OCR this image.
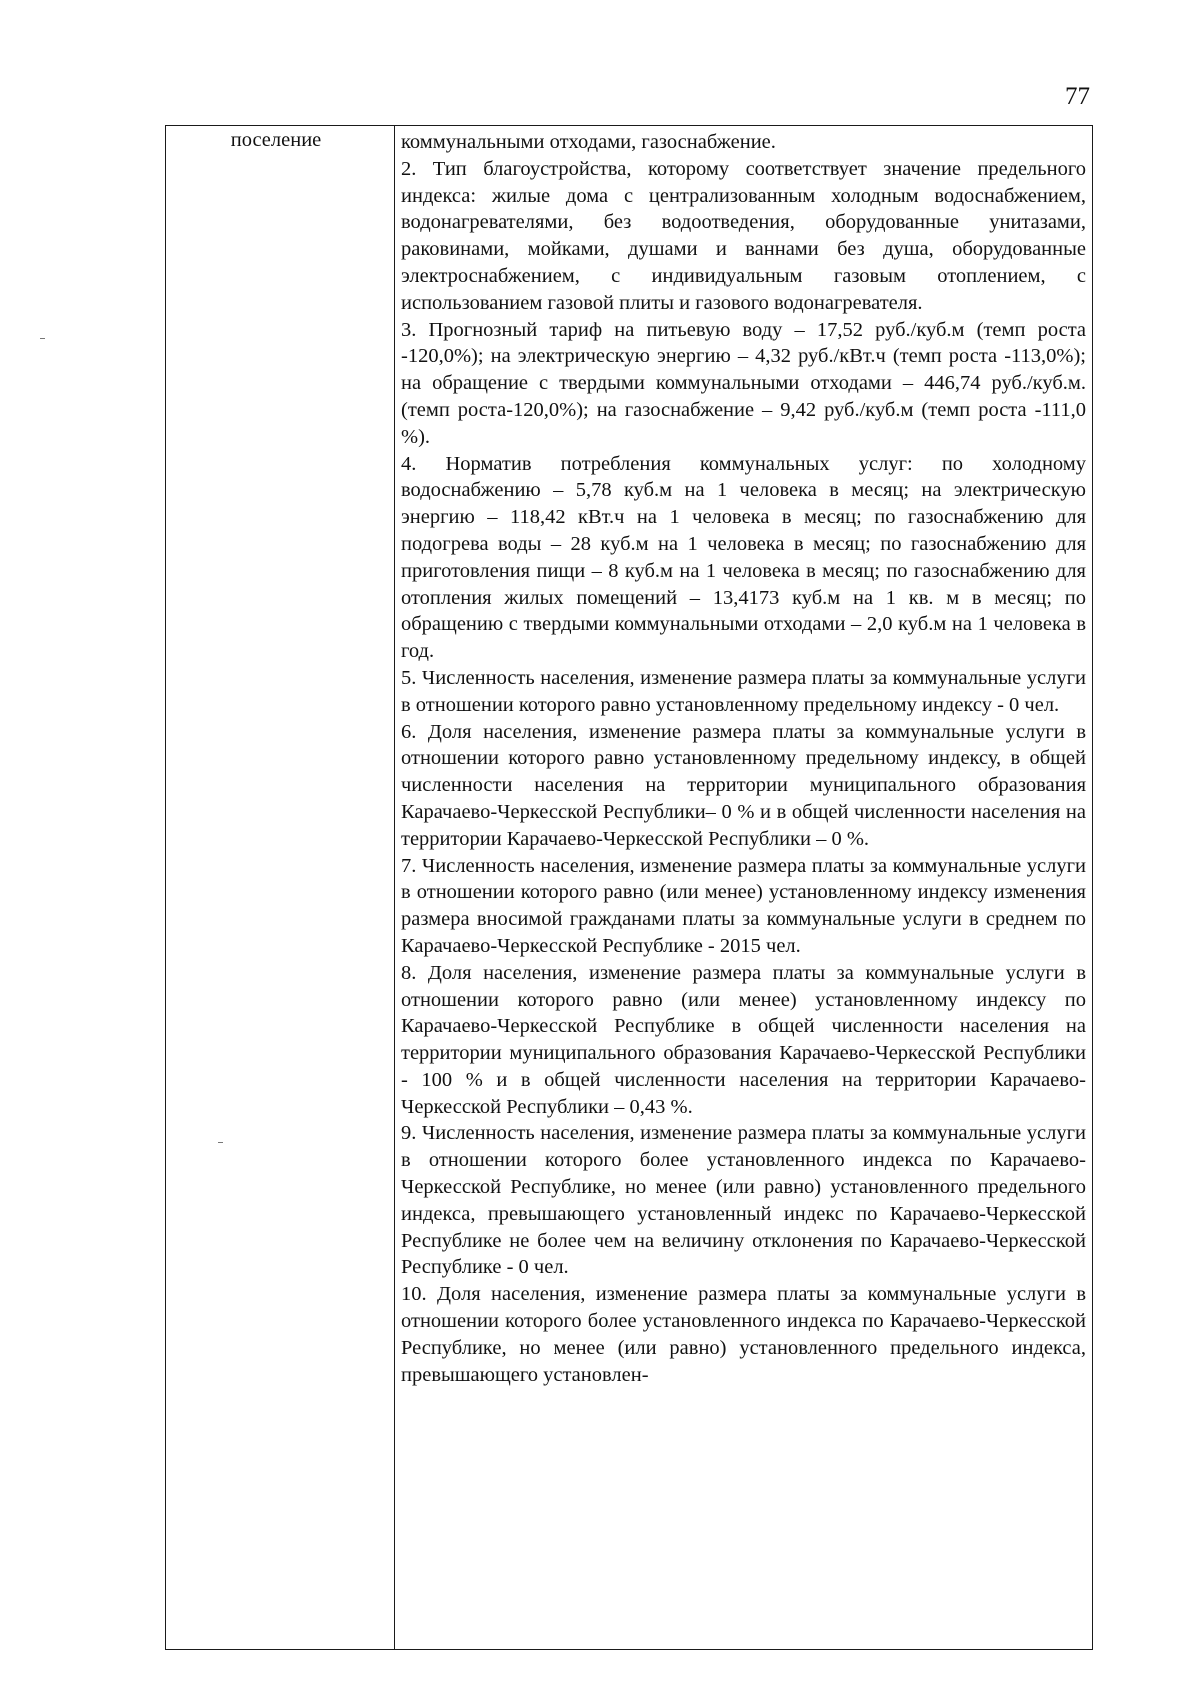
77
поселение	коммунальными отходами, газоснабжение.

2. Тип благоустройства, которому соответствует значение предельного индекса: жилые дома с централизованным холодным водоснабжением, водонагревателями, без водоотведения, оборудованные унитазами, раковинами, мойками, душами и ваннами без душа, оборудованные электроснабжением, с индивидуальным газовым отоплением, с использованием газовой плиты и газового водонагревателя.

3. Прогнозный тариф на питьевую воду – 17,52 руб./куб.м (темп роста -120,0%); на электрическую энергию – 4,32 руб./кВт.ч (темп роста -113,0%); на обращение с твердыми коммунальными отходами – 446,74 руб./куб.м. (темп роста-120,0%); на газоснабжение – 9,42 руб./куб.м (темп роста -111,0 %).

4. Норматив потребления коммунальных услуг: по холодному водоснабжению – 5,78 куб.м на 1 человека в месяц; на электрическую энергию – 118,42 кВт.ч на 1 человека в месяц; по газоснабжению для подогрева воды – 28 куб.м на 1 человека в месяц; по газоснабжению для приготовления пищи – 8 куб.м на 1 человека в месяц; по газоснабжению для отопления жилых помещений – 13,4173 куб.м на 1 кв. м в месяц; по обращению с твердыми коммунальными отходами – 2,0 куб.м на 1 человека в год.

5. Численность населения, изменение размера платы за коммунальные услуги в отношении которого равно установленному предельному индексу - 0 чел.

6. Доля населения, изменение размера платы за коммунальные услуги в отношении которого равно установленному предельному индексу, в общей численности населения на территории муниципального образования Карачаево-Черкесской Республики– 0 % и в общей численности населения на территории Карачаево-Черкесской Республики – 0 %.

7. Численность населения, изменение размера платы за коммунальные услуги в отношении которого равно (или менее) установленному индексу изменения размера вносимой гражданами платы за коммунальные услуги в среднем по Карачаево-Черкесской Республике - 2015 чел.

8. Доля населения, изменение размера платы за коммунальные услуги в отношении которого равно (или менее) установленному индексу по Карачаево-Черкесской Республике в общей численности населения на территории муниципального образования Карачаево-Черкесской Республики - 100 % и в общей численности населения на территории Карачаево-Черкесской Республики – 0,43 %.

9. Численность населения, изменение размера платы за коммунальные услуги в отношении которого более установленного индекса по Карачаево-Черкесской Республике, но менее (или равно) установленного предельного индекса, превышающего установленный индекс по Карачаево-Черкесской Республике не более чем на величину отклонения по Карачаево-Черкесской Республике - 0 чел.

10. Доля населения, изменение размера платы за коммунальные услуги в отношении которого более установленного индекса по Карачаево-Черкесской Республике, но менее (или равно) установленного предельного индекса, превышающего установлен-
